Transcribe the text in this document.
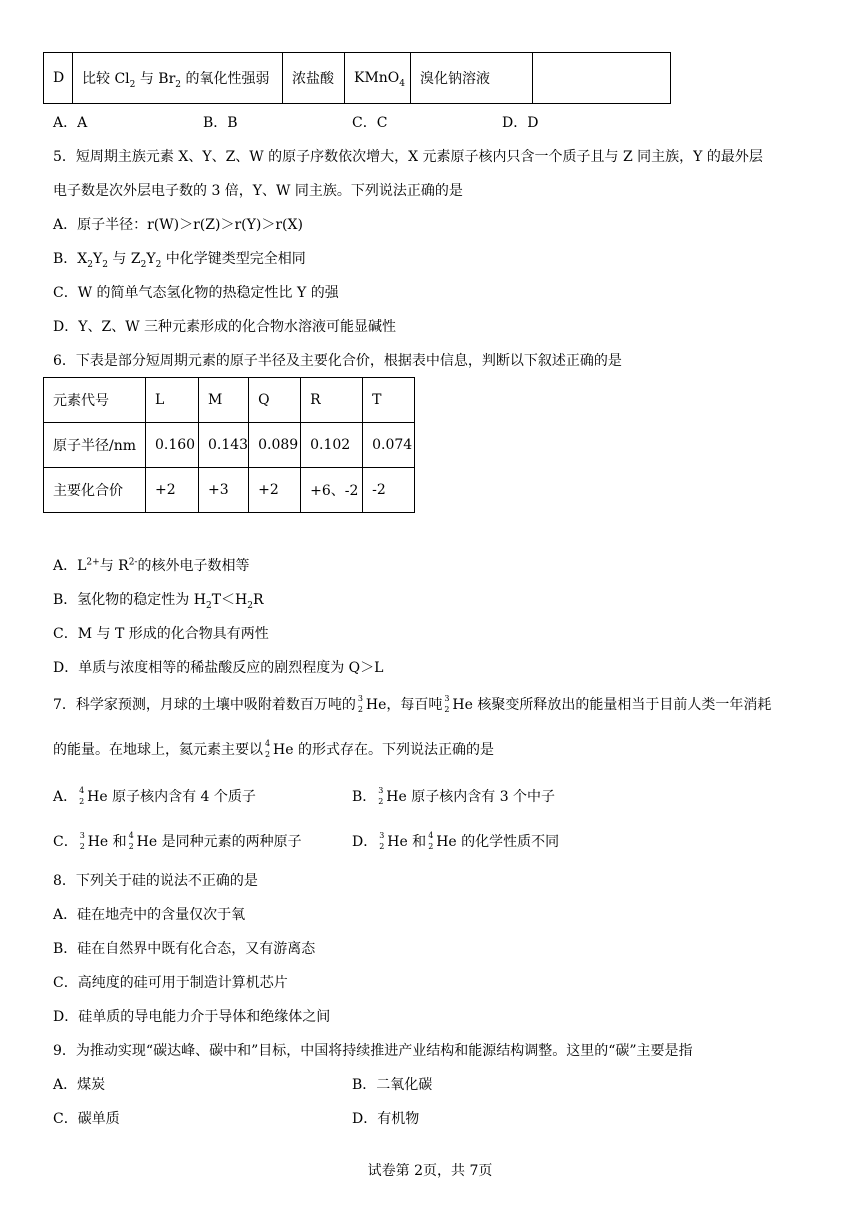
D	比较 $Cl_2$ 与 $Br_2$ 的氧化性强弱	浓盐酸	KMnO$_4$	溴化钠溶液	
A．A	B．B	C．C	D．D
5．短周期主族元素 X、Y、Z、W 的原子序数依次增大，X 元素原子核内只含一个质子且与 Z 同主族，Y 的最外层
电子数是次外层电子数的 3 倍，Y、W 同主族。下列说法正确的是
A．原子半径：r(W)＞r(Z)＞r(Y)＞r(X)
B．$X_2Y_2$ 与 $Z_2Y_2$ 中化学键类型完全相同
C．W 的简单气态氢化物的热稳定性比 Y 的强
D．Y、Z、W 三种元素形成的化合物水溶液可能显碱性
6．下表是部分短周期元素的原子半径及主要化合价，根据表中信息，判断以下叙述正确的是
元素代号	L	M	Q	R	T
原子半径/nm	0.160	0.143	0.089	0.102	0.074
主要化合价	+2	+3	+2	+6、-2	-2
A．$L^{2+}$与 $R^{2-}$的核外电子数相等
B．氢化物的稳定性为 $H_2T<H_2R$
C．M 与 T 形成的化合物具有两性
D．单质与浓度相等的稀盐酸反应的剧烈程度为 Q＞L
7．科学家预测，月球的土壤中吸附着数百万吨的 3
2 He，每百吨 3
2 He 核聚变所释放出的能量相当于目前人类一年消耗
的能量。在地球上，氦元素主要以 4
2 He 的形式存在。下列说法正确的是
A． 4
2 He 原子核内含有 4 个质子	B． 3
2 He 原子核内含有 3 个中子
C． 3
2 He 和 4
2 He 是同种元素的两种原子	D． 3
2 He 和 4
2 He 的化学性质不同
8．下列关于硅的说法不正确的是
A．硅在地壳中的含量仅次于氧
B．硅在自然界中既有化合态，又有游离态
C．高纯度的硅可用于制造计算机芯片
D．硅单质的导电能力介于导体和绝缘体之间
9．为推动实现“碳达峰、碳中和”目标，中国将持续推进产业结构和能源结构调整。这里的“碳”主要是指
A．煤炭	B．二氧化碳
C．碳单质	D．有机物
试卷第 2页，共 7页
